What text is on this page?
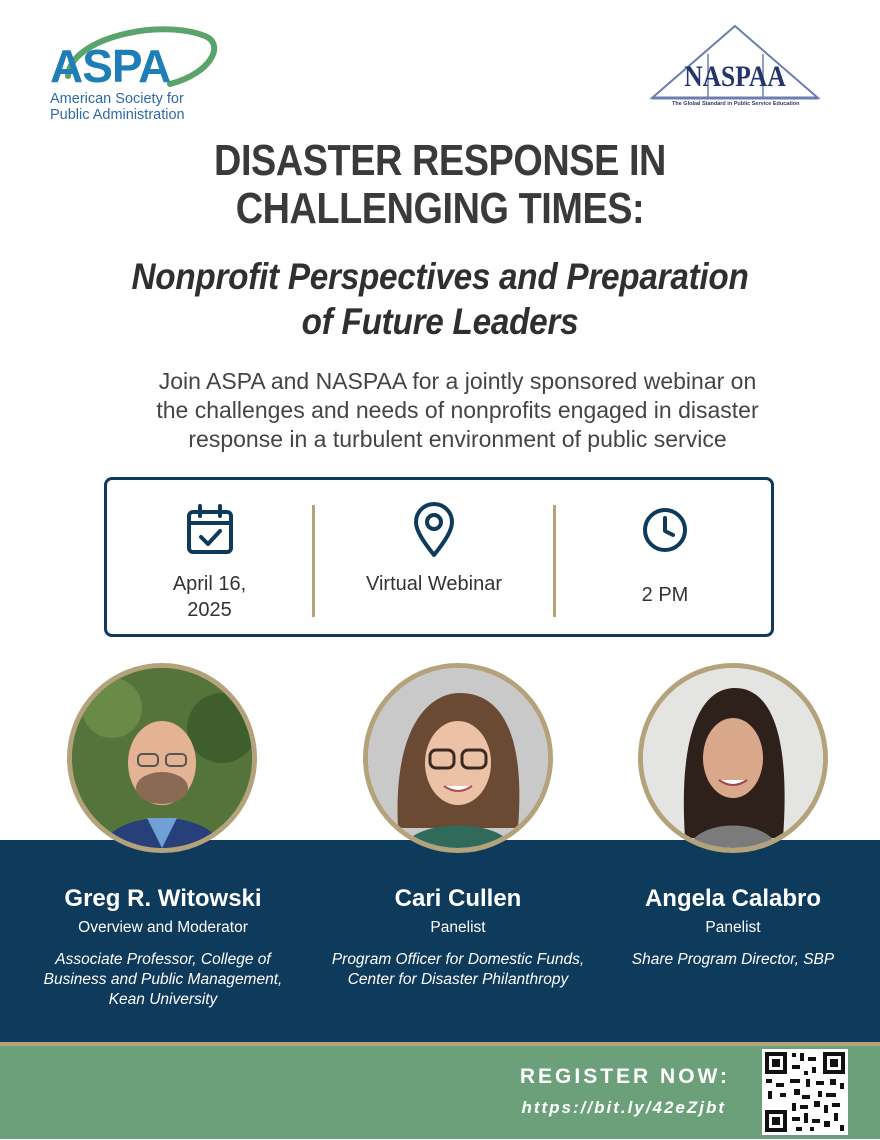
ASPA
American Society for
Public Administration
NASPAA
The Global Standard in Public Service Education
DISASTER RESPONSE IN
CHALLENGING TIMES:
Nonprofit Perspectives and Preparation
of Future Leaders
Join ASPA and NASPAA for a jointly sponsored webinar on
the challenges and needs of nonprofits engaged in disaster
response in a turbulent environment of public service
April 16,
2025
Virtual Webinar	2 PM
Greg R. Witowski
Overview and Moderator
Associate Professor, College of
Business and Public Management,
Kean University
Cari Cullen
Panelist
Program Officer for Domestic Funds,
Center for Disaster Philanthropy
Angela Calabro
Panelist
Share Program Director, SBP
REGISTER NOW:
https://bit.ly/42eZjbt
